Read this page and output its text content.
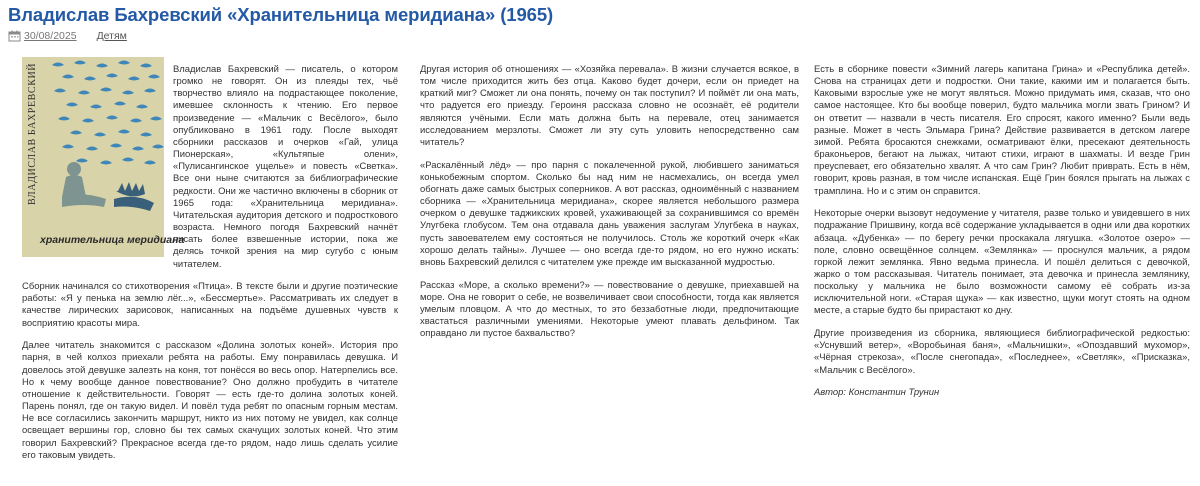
Владислав Бахревский «Хранительница меридиана» (1965)
30/08/2025 Детям
ВЛАДИСЛАВ БАХРЕВСКИЙ
хранительница меридиана

Владислав Бахревский — писатель, о котором громко не говорят. Он из плеяды тех, чьё творчество влияло на подрастающее поколение, имевшее склонность к чтению. Его первое произведение — «Мальчик с Весёлого», было опубликовано в 1961 году. После выходят сборники рассказов и очерков «Гай, улица Пионерская», «Культяпые олени», «Пулисангинское ущелье» и повесть «Светка». Все они ныне считаются за библиографические редкости. Они же частично включены в сборник от 1965 года: «Хранительница меридиана». Читательская аудитория детского и подросткового возраста. Немного погодя Бахревский начнёт писать более взвешенные истории, пока же делясь точкой зрения на мир сугубо с юным читателем.

Сборник начинался со стихотворения «Птица». В тексте были и другие поэтические работы: «Я у пенька на землю лёг...», «Бессмертье». Рассматривать их следует в качестве лирических зарисовок, написанных на подъёме душевных чувств к восприятию красоты мира.

Далее читатель знакомится с рассказом «Долина золотых коней». История про парня, в чей колхоз приехали ребята на работы. Ему понравилась девушка. И довелось этой девушке залезть на коня, тот понёсся во весь опор. Натерпелись все. Но к чему вообще данное повествование? Оно должно пробудить в читателе отношение к действительности. Говорят — есть где-то долина золотых коней. Парень понял, где он такую видел. И повёл туда ребят по опасным горным местам. Не все согласились закончить маршрут, никто из них потому не увидел, как солнце освещает вершины гор, словно бы тех самых скачущих золотых коней. Что этим говорил Бахревский? Прекрасное всегда где-то рядом, надо лишь сделать усилие его таковым увидеть.

Другая история об отношениях — «Хозяйка перевала». В жизни случается всякое, в том числе приходится жить без отца. Каково будет дочери, если он приедет на краткий миг? Сможет ли она понять, почему он так поступил? И поймёт ли она мать, что радуется его приезду. Героиня рассказа словно не осознаёт, её родители являются учёными. Если мать должна быть на перевале, отец занимается исследованием мерзлоты. Сможет ли эту суть уловить непосредственно сам читатель?

«Раскалённый лёд» — про парня с покалеченной рукой, любившего заниматься конькобежным спортом. Сколько бы над ним не насмехались, он всегда умел обогнать даже самых быстрых соперников. А вот рассказ, одноимённый с названием сборника — «Хранительница меридиана», скорее является небольшого размера очерком о девушке таджикских кровей, ухаживающей за сохранившимся со времён Улугбека глобусом. Тем она отдавала дань уважения заслугам Улугбека в науках, пусть завоевателем ему состояться не получилось. Столь же короткий очерк «Как хорошо делать тайны». Лучшее — оно всегда где-то рядом, но его нужно искать: вновь Бахревский делился с читателем уже прежде им высказанной мудростью.

Рассказ «Море, а сколько времени?» — повествование о девушке, приехавшей на море. Она не говорит о себе, не возвеличивает свои способности, тогда как является умелым пловцом. А что до местных, то это беззаботные люди, предпочитающие хвастаться различными умениями. Некоторые умеют плавать дельфином. Так оправдано ли пустое бахвальство?

Есть в сборнике повести «Зимний лагерь капитана Грина» и «Республика детей». Снова на страницах дети и подростки. Они такие, какими им и полагается быть. Каковыми взрослые уже не могут являться. Можно придумать имя, сказав, что оно самое настоящее. Кто бы вообще поверил, будто мальчика могли звать Грином? И он ответит — назвали в честь писателя. Его спросят, какого именно? Были ведь разные. Может в честь Эльмара Грина? Действие развивается в детском лагере зимой. Ребята бросаются снежками, осматривают ёлки, пресекают деятельность браконьеров, бегают на лыжах, читают стихи, играют в шахматы. И везде Грин преуспевает, его обязательно хвалят. А что сам Грин? Любит приврать. Есть в нём, говорит, кровь разная, в том числе испанская. Ещё Грин боялся прыгать на лыжах с трамплина. Но и с этим он справится.

Некоторые очерки вызовут недоумение у читателя, разве только и увидевшего в них подражание Пришвину, когда всё содержание укладывается в одни или два коротких абзаца. «Дубенка» — по берегу речки проскакала лягушка. «Золотое озеро» — поле, словно освещённое солнцем. «Землянка» — проснулся мальчик, а рядом горкой лежит землянка. Явно ведьма принесла. И пошёл делиться с девочкой, жарко о том рассказывая. Читатель понимает, эта девочка и принесла землянику, поскольку у мальчика не было возможности самому её собрать из-за исключительной ноги. «Старая щука» — как известно, щуки могут стоять на одном месте, а старые будто бы прирастают ко дну.

Другие произведения из сборника, являющиеся библиографической редкостью: «Уснувший ветер», «Воробьиная баня», «Мальчишки», «Опоздавший мухомор», «Чёрная стрекоза», «После снегопада», «Последнее», «Светляк», «Присказка», «Мальчик с Весёлого».

Автор: Константин Трунин
